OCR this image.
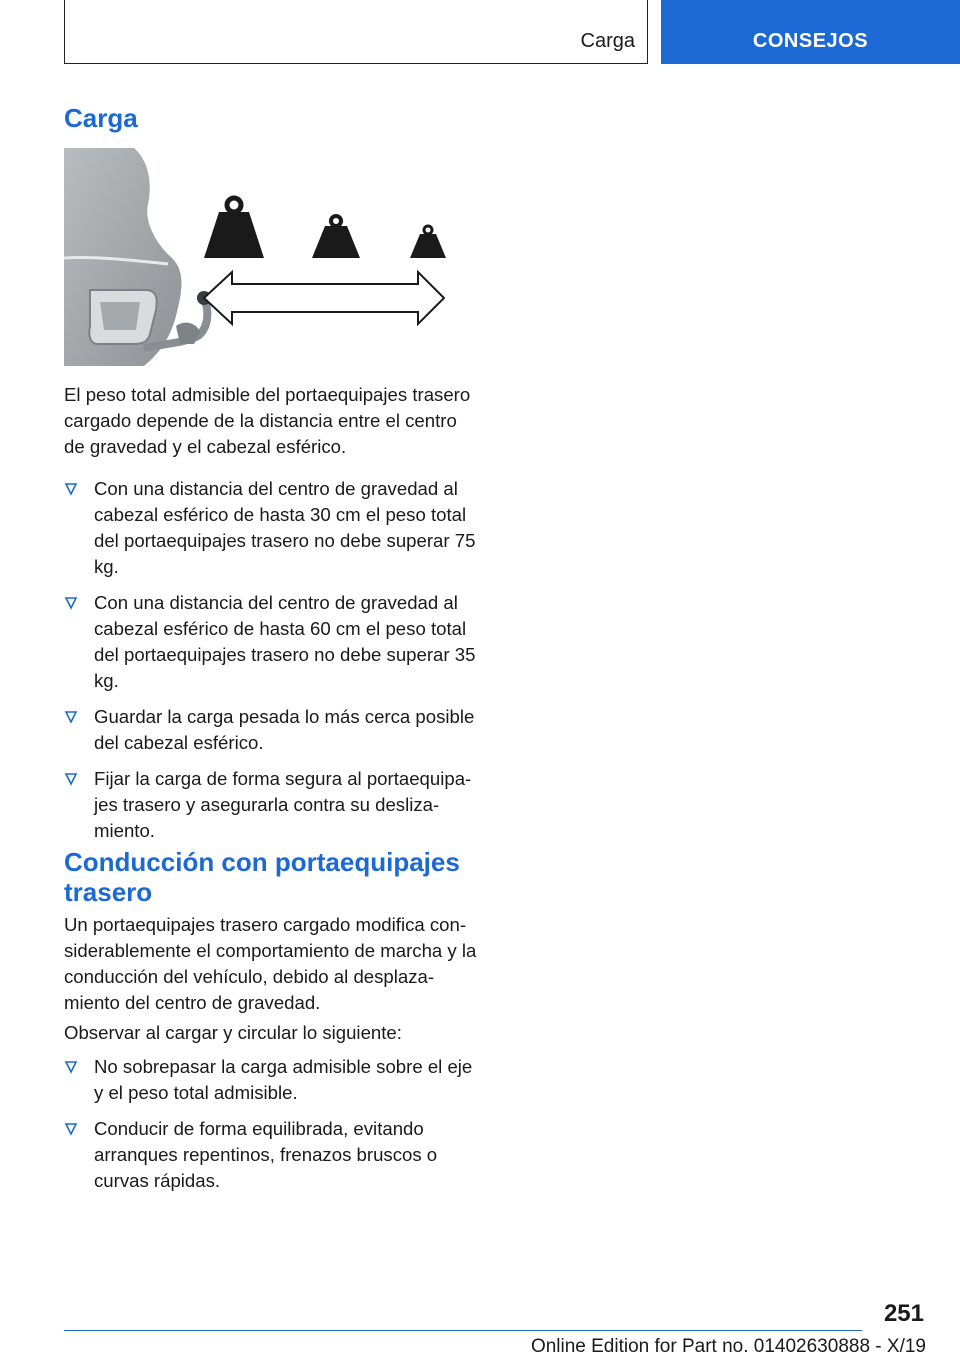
Carga	CONSEJOS
Carga

El peso total admisible del portaequipajes trasero cargado depende de la distancia entre el centro de gravedad y el cabezal esférico.

Con una distancia del centro de gravedad al cabezal esférico de hasta 30 cm el peso total del portaequipajes trasero no debe superar 75 kg.
Con una distancia del centro de gravedad al cabezal esférico de hasta 60 cm el peso total del portaequipajes trasero no debe superar 35 kg.
Guardar la carga pesada lo más cerca posible del cabezal esférico.
Fijar la carga de forma segura al portaequipa‐jes trasero y asegurarla contra su desliza‐miento.
Conducción con portaequipajes trasero

Un portaequipajes trasero cargado modifica con‐siderablemente el comportamiento de marcha y la conducción del vehículo, debido al desplaza‐miento del centro de gravedad.

Observar al cargar y circular lo siguiente:

No sobrepasar la carga admisible sobre el eje y el peso total admisible.
Conducir de forma equilibrada, evitando arranques repentinos, frenazos bruscos o curvas rápidas.
251
Online Edition for Part no. 01402630888 - X/19
